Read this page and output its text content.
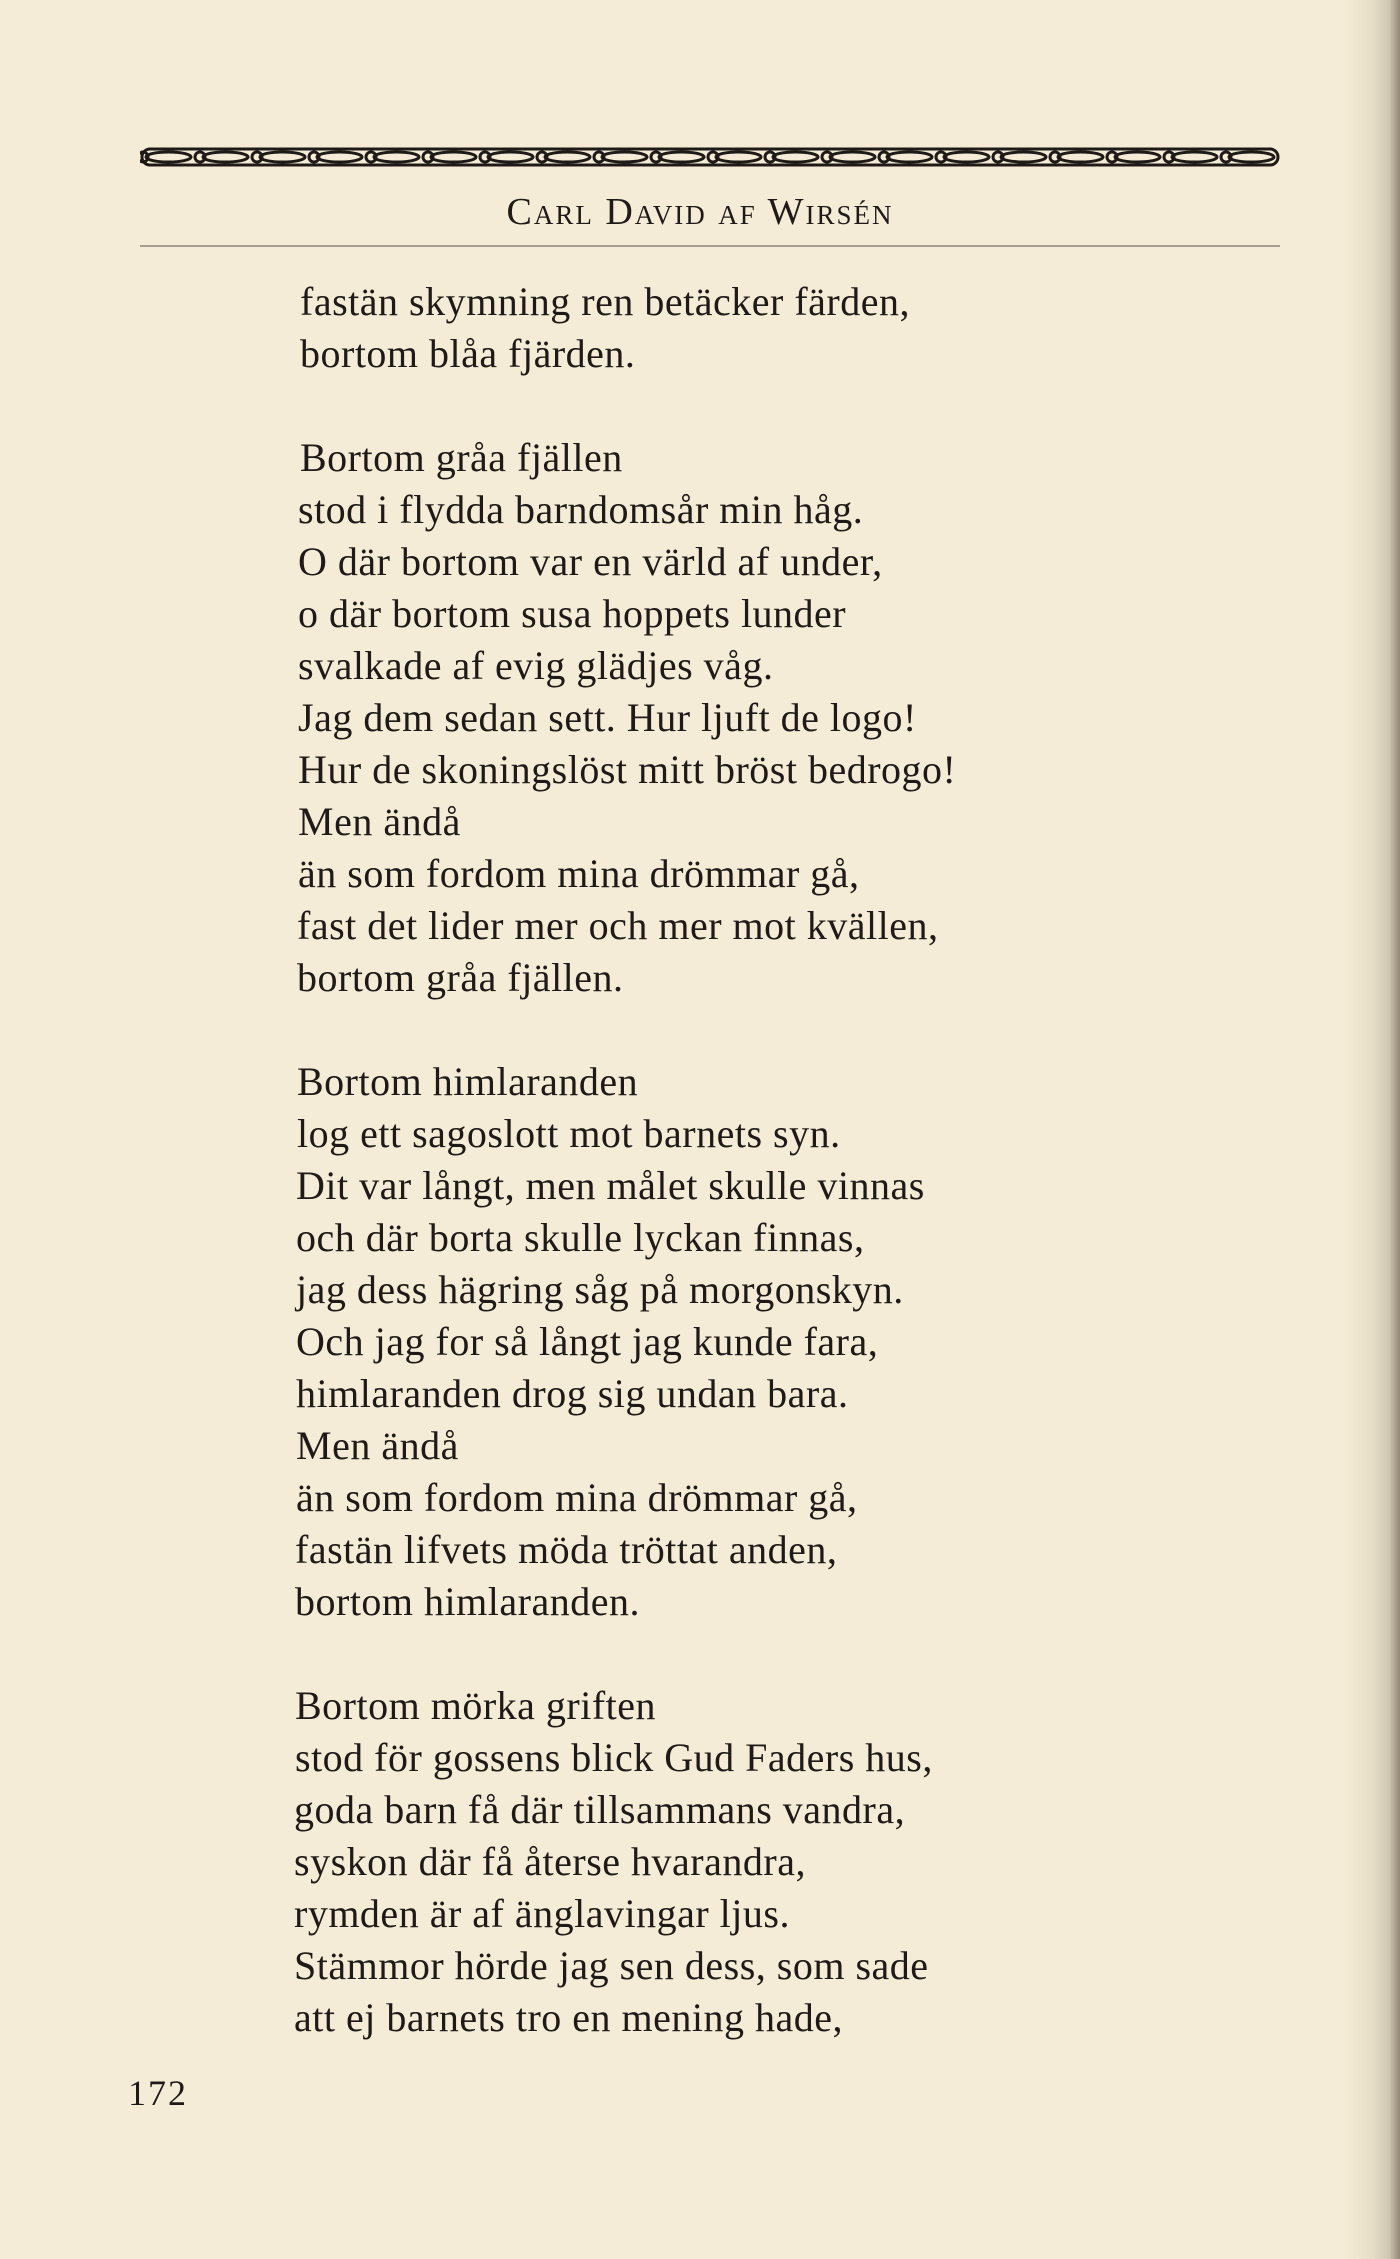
Carl David af Wirsén
fastän skymning ren betäcker färden,
bortom blåa fjärden.
Bortom gråa fjällen
stod i flydda barndomsår min håg.
O där bortom var en värld af under,
o där bortom susa hoppets lunder
svalkade af evig glädjes våg.
Jag dem sedan sett. Hur ljuft de logo!
Hur de skoningslöst mitt bröst bedrogo!
Men ändå
än som fordom mina drömmar gå,
fast det lider mer och mer mot kvällen,
bortom gråa fjällen.
Bortom himlaranden
log ett sagoslott mot barnets syn.
Dit var långt, men målet skulle vinnas
och där borta skulle lyckan finnas,
jag dess hägring såg på morgonskyn.
Och jag for så långt jag kunde fara,
himlaranden drog sig undan bara.
Men ändå
än som fordom mina drömmar gå,
fastän lifvets möda tröttat anden,
bortom himlaranden.
Bortom mörka griften
stod för gossens blick Gud Faders hus,
goda barn få där tillsammans vandra,
syskon där få återse hvarandra,
rymden är af änglavingar ljus.
Stämmor hörde jag sen dess, som sade
att ej barnets tro en mening hade,
172
